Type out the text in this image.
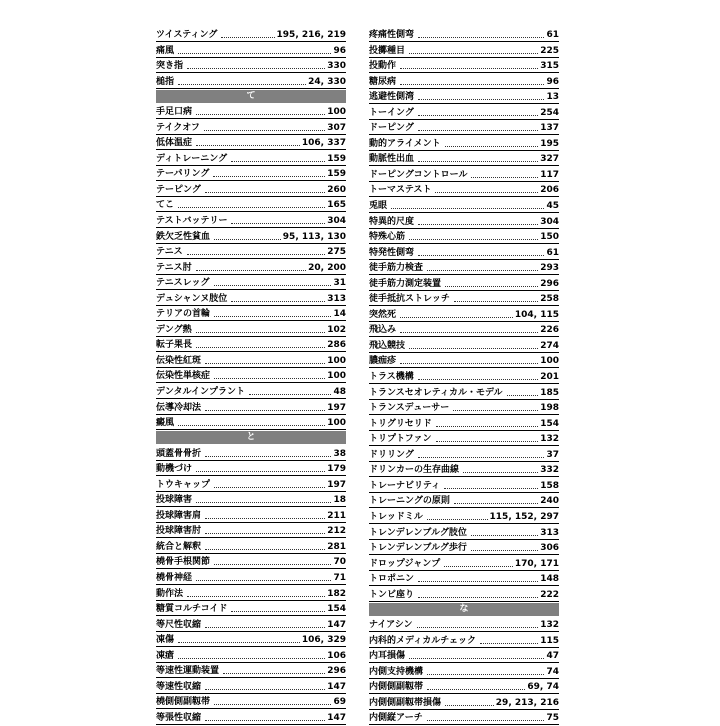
ツイスティング	195, 216, 219
痛風	96
突き指	330
槌指	24, 330
て
手足口病	100
テイクオフ	307
低体温症	106, 337
ディトレーニング	159
テーパリング	159
テーピング	260
てこ	165
テストバッテリー	304
鉄欠乏性貧血	95, 113, 130
テニス	275
テニス肘	20, 200
テニスレッグ	31
デュシャンヌ肢位	313
テリアの首輪	14
デング熱	102
転子果長	286
伝染性紅斑	100
伝染性単核症	100
デンタルインプラント	48
伝導冷却法	197
癜風	100
と
頭蓋骨骨折	38
動機づけ	179
トウキャップ	197
投球障害	18
投球障害肩	211
投球障害肘	212
統合と解釈	281
橈骨手根関節	70
橈骨神経	71
動作法	182
糖質コルチコイド	154
等尺性収縮	147
凍傷	106, 329
凍瘡	106
等速性運動装置	296
等速性収縮	147
橈側側副靱帯	69
等張性収縮	147
疼痛性側弯	61
投擲種目	225
投動作	315
糖尿病	96
逃避性側湾	13
トーイング	254
ドーピング	137
動的アライメント	195
動脈性出血	327
ドーピングコントロール	117
トーマステスト	206
兎眼	45
特異的尺度	304
特殊心筋	150
特発性側弯	61
徒手筋力検査	293
徒手筋力測定装置	296
徒手抵抗ストレッチ	258
突然死	104, 115
飛込み	226
飛込競技	274
膿痂疹	100
トラス機構	201
トランスセオレティカル・モデル	185
トランスデューサー	198
トリグリセリド	154
トリプトファン	132
ドリリング	37
ドリンカーの生存曲線	332
トレーナビリティ	158
トレーニングの原則	240
トレッドミル	115, 152, 297
トレンデレンブルグ肢位	313
トレンデレンブルグ歩行	306
ドロップジャンプ	170, 171
トロポニン	148
トンビ座り	222
な
ナイアシン	132
内科的メディカルチェック	115
内耳損傷	47
内側支持機構	74
内側側副靱帯	69, 74
内側側副靱帯損傷	29, 213, 216
内側縦アーチ	75
